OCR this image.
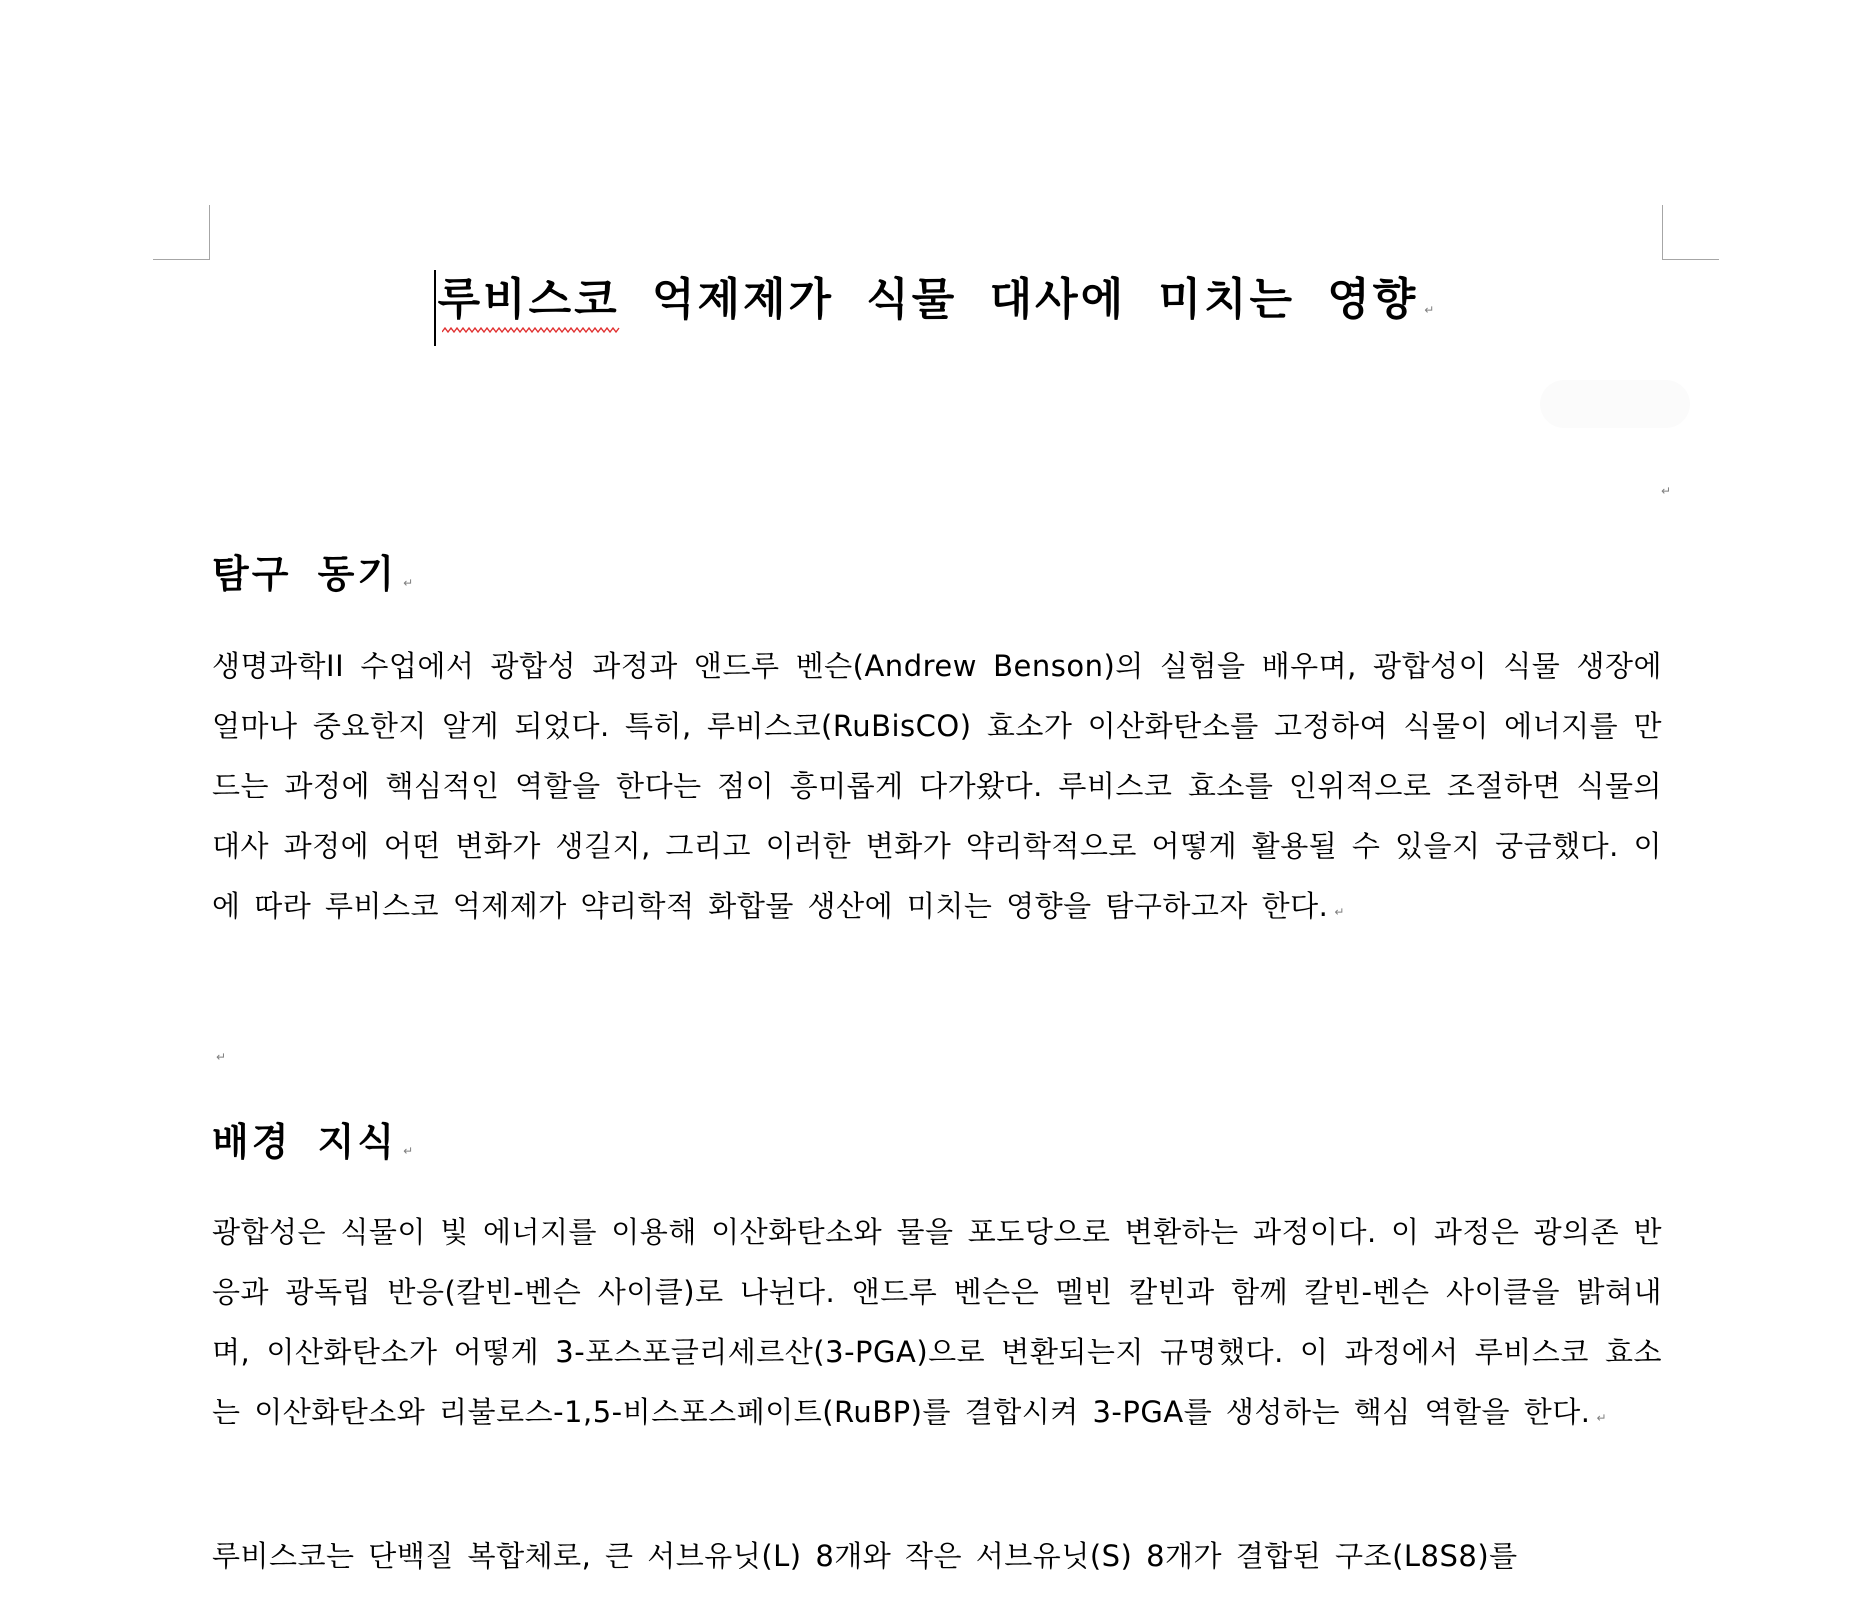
루비스코 억제제가 식물 대사에 미치는 영향 ↵
↵
탐구 동기 ↵
생명과학II 수업에서 광합성 과정과 앤드루 벤슨(Andrew Benson)의 실험을 배우며, 광합성이 식물 생장에 얼마나 중요한지 알게 되었다. 특히, 루비스코(RuBisCO) 효소가 이산화탄소를 고정하여 식물이 에너지를 만드는 과정에 핵심적인 역할을 한다는 점이 흥미롭게 다가왔다. 루비스코 효소를 인위적으로 조절하면 식물의 대사 과정에 어떤 변화가 생길지, 그리고 이러한 변화가 약리학적으로 어떻게 활용될 수 있을지 궁금했다. 이에 따라 루비스코 억제제가 약리학적 화합물 생산에 미치는 영향을 탐구하고자 한다. ↵
↵
배경 지식 ↵
광합성은 식물이 빛 에너지를 이용해 이산화탄소와 물을 포도당으로 변환하는 과정이다. 이 과정은 광의존 반응과 광독립 반응(칼빈-벤슨 사이클)로 나뉜다. 앤드루 벤슨은 멜빈 칼빈과 함께 칼빈-벤슨 사이클을 밝혀내며, 이산화탄소가 어떻게 3-포스포글리세르산(3-PGA)으로 변환되는지 규명했다. 이 과정에서 루비스코 효소는 이산화탄소와 리불로스-1,5-비스포스페이트(RuBP)를 결합시켜 3-PGA를 생성하는 핵심 역할을 한다. ↵
루비스코는 단백질 복합체로, 큰 서브유닛(L) 8개와 작은 서브유닛(S) 8개가 결합된 구조(L8S8)를
